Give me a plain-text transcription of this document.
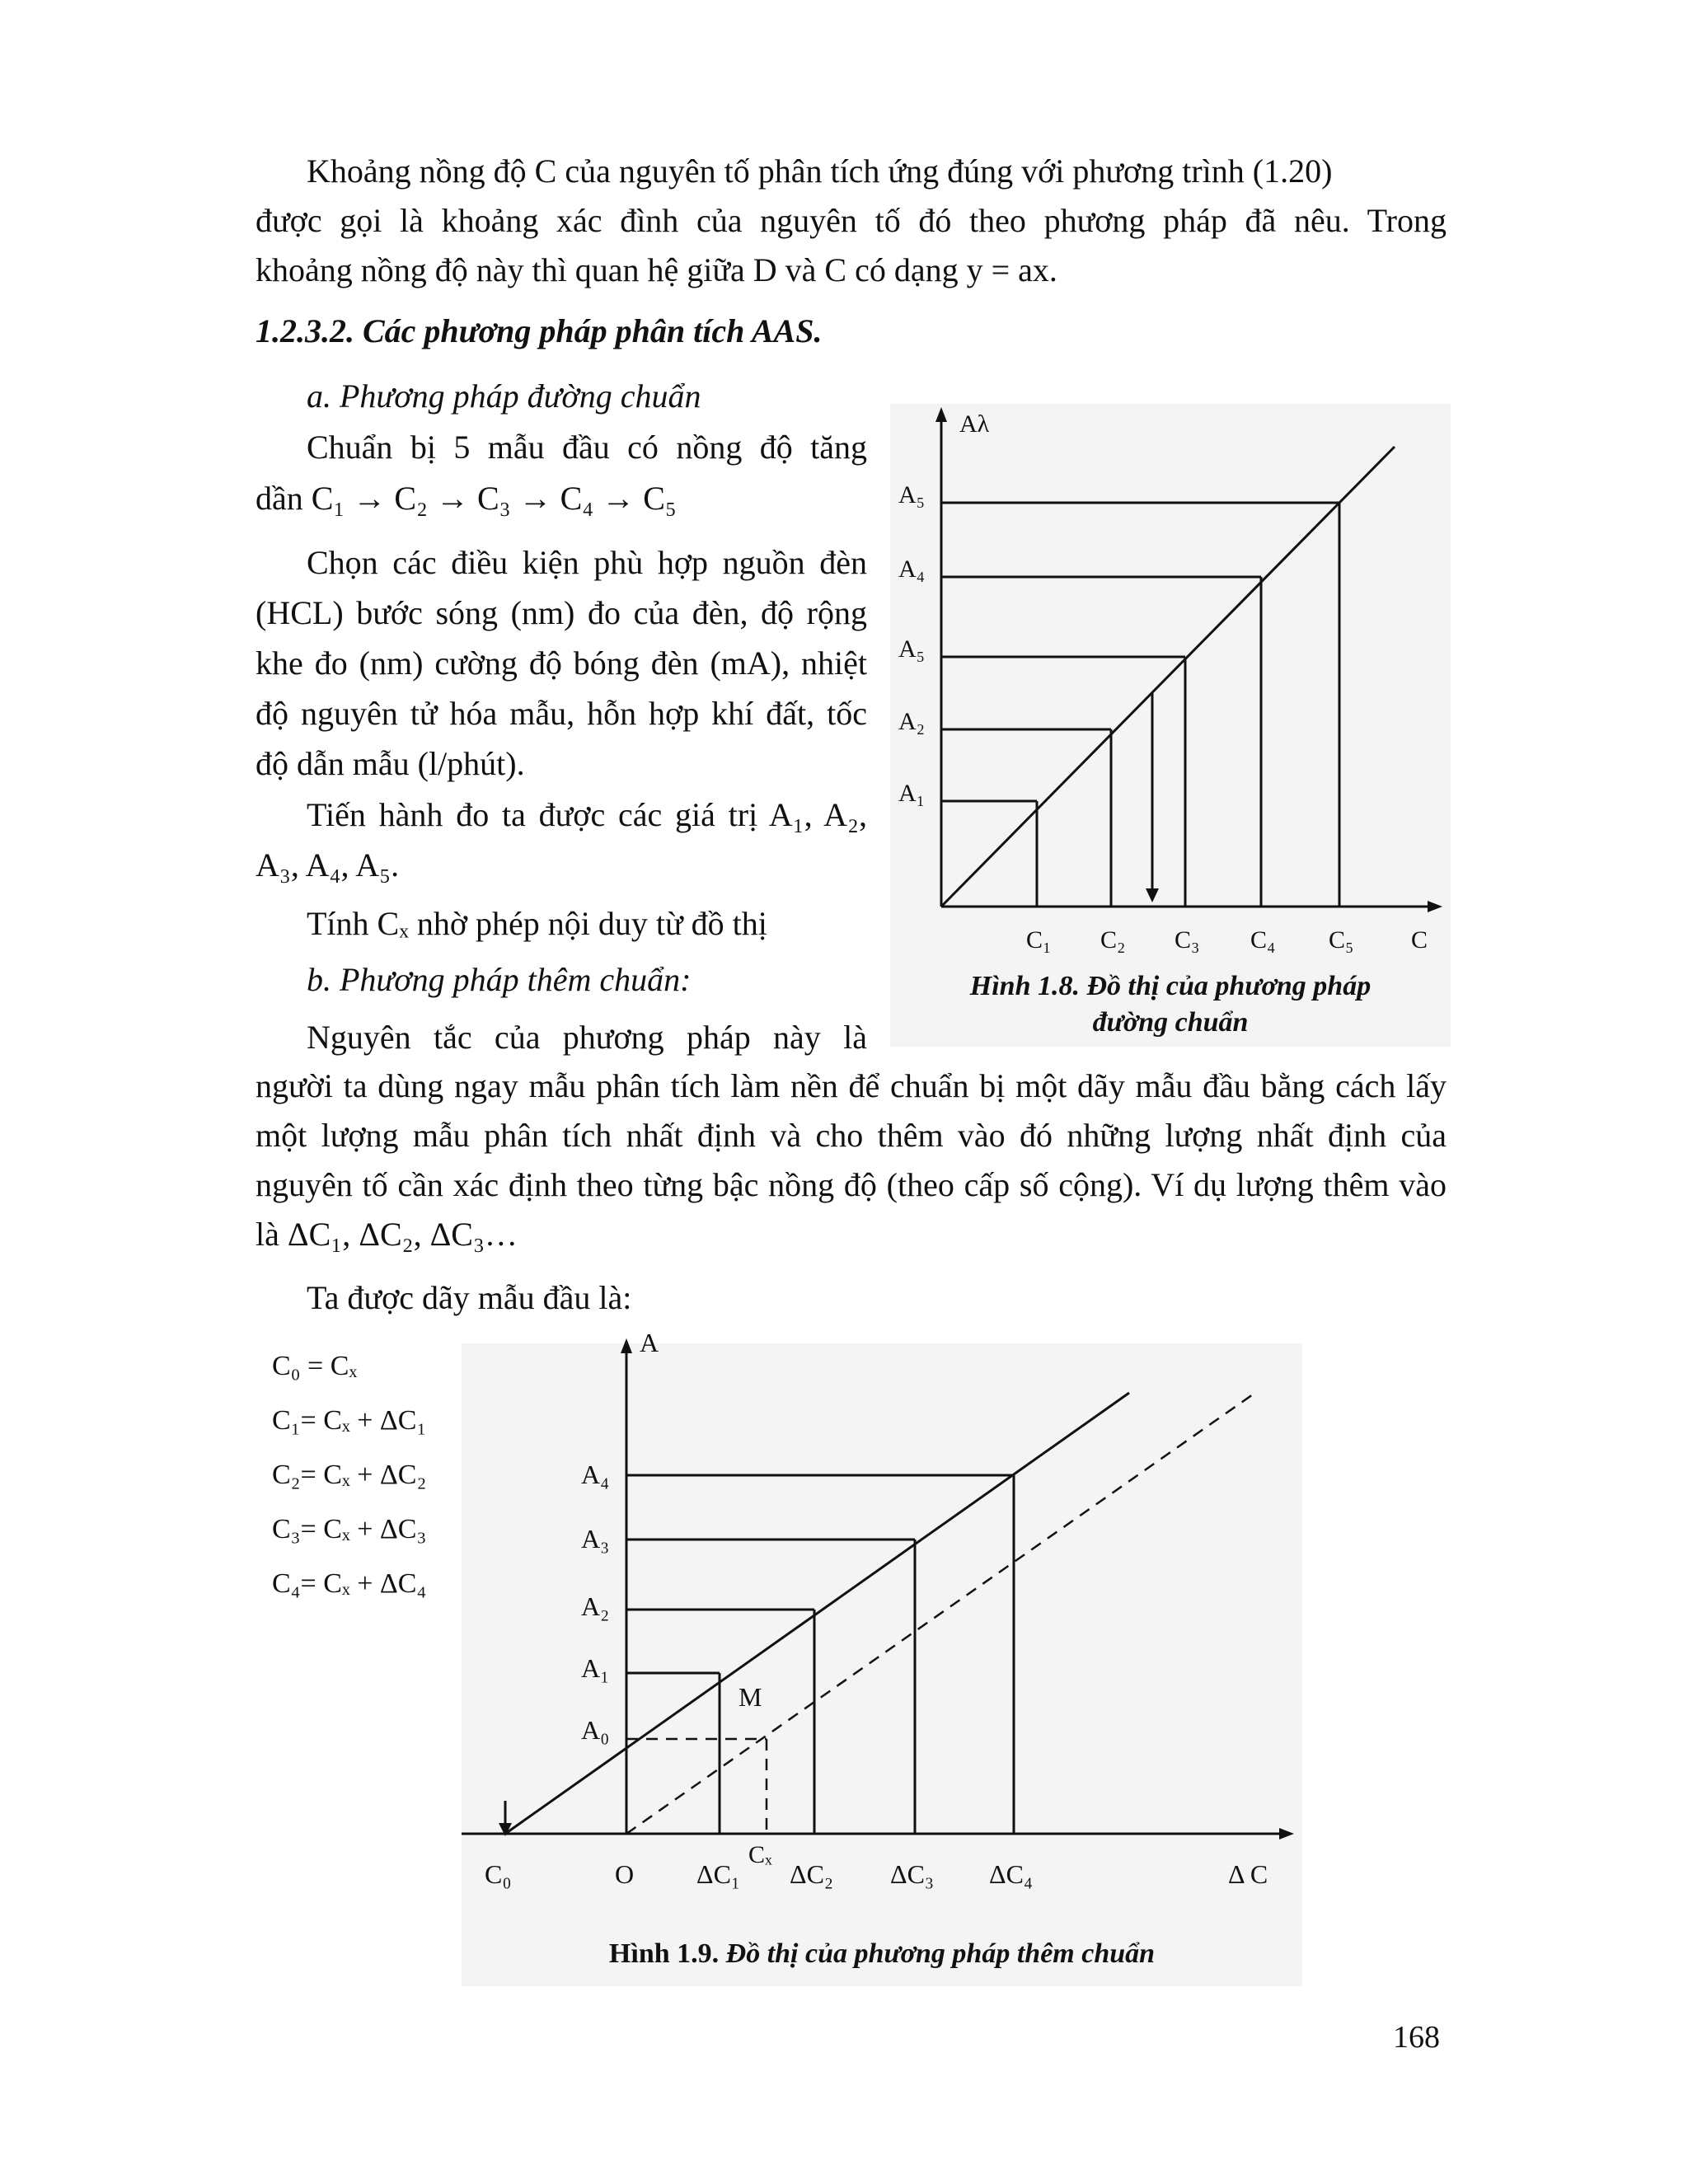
Khoảng nồng độ C của nguyên tố phân tích ứng đúng với phương trình (1.20)

được gọi là khoảng xác đình của nguyên tố đó theo phương pháp đã nêu. Trong

khoảng nồng độ này thì quan hệ giữa D và C có dạng y = ax.

1.2.3.2. Các phương pháp phân tích AAS.

a. Phương pháp đường chuẩn

Chuẩn bị 5 mẫu đầu có nồng độ tăng

dần C₁ → C₂ → C₃ → C₄ → C₅

Chọn các điều kiện phù hợp nguồn đèn (HCL) bước sóng (nm) đo của đèn, độ rộng khe đo (nm) cường độ bóng đèn (mA), nhiệt độ nguyên tử hóa mẫu, hỗn hợp khí đất, tốc độ dẫn mẫu (l/phút).

Tiến hành đo ta được các giá trị A₁, A₂, A₃, A₄, A₅.

Tính Cₓ nhờ phép nội duy từ đồ thị

b. Phương pháp thêm chuẩn:

Nguyên tắc của phương pháp này là

người ta dùng ngay mẫu phân tích làm nền để chuẩn bị một dãy mẫu đầu bằng cách lấy một lượng mẫu phân tích nhất định và cho thêm vào đó những lượng nhất định của nguyên tố cần xác định theo từng bậc nồng độ (theo cấp số cộng). Ví dụ lượng thêm vào là ΔC₁, ΔC₂, ΔC₃…

Ta được dãy mẫu đầu là:

Aλ
A₅
A₄
A₅
A₂
A₁
C₁ C₂ C₃ C₄ C₅ C
Hình 1.8. Đồ thị của phương pháp
đường chuẩn
C₀ = Cₓ
C₁= Cₓ + ΔC₁
C₂= Cₓ + ΔC₂
C₃= Cₓ + ΔC₃
C₄= Cₓ + ΔC₄
A
A₄
A₃
A₂
A₁
A₀
M
Cₓ
C₀	O ΔC₁ ΔC₂ ΔC₃ ΔC₄	Δ C
Hình 1.9. Đồ thị của phương pháp thêm chuẩn
168
